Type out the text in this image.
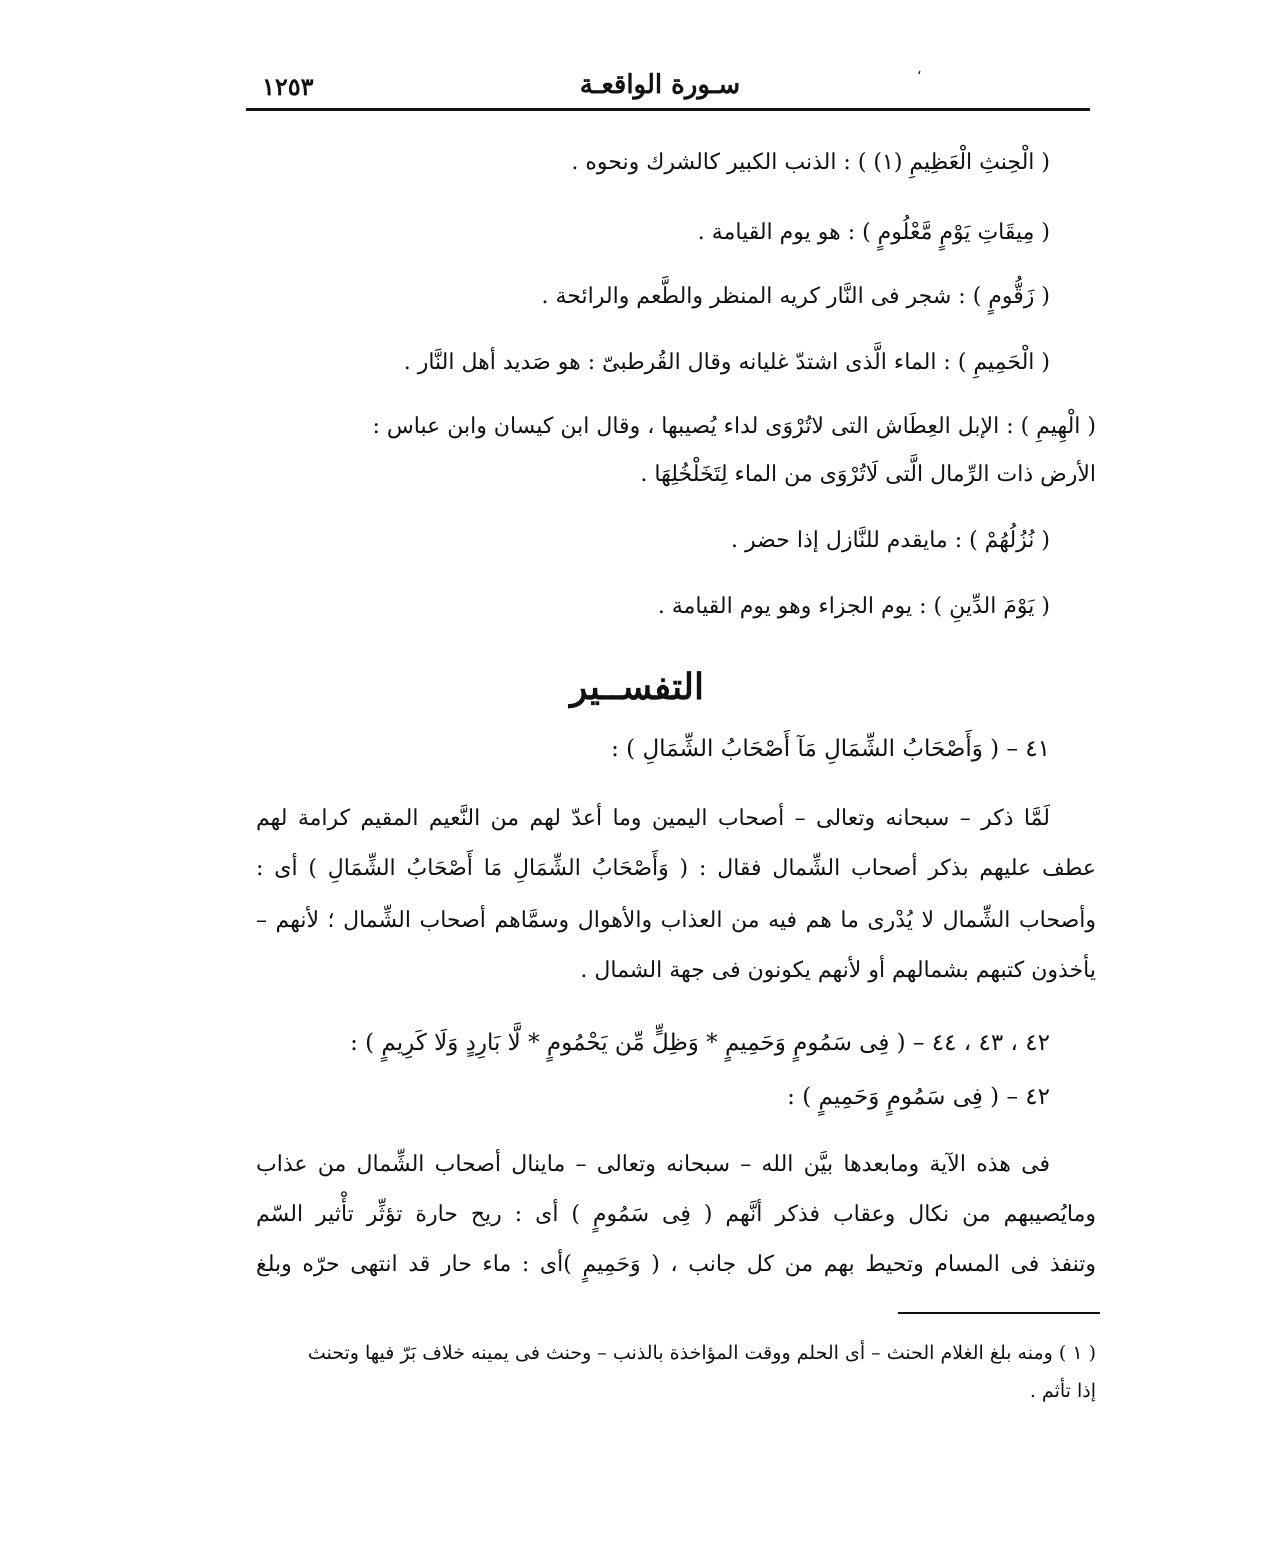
سـورة الواقعـة
١٢٥٣
،
( الْحِنثِ الْعَظِيمِ (١) ) : الذنب الكبير كالشرك ونحوه .
( مِيقَاتِ يَوْمٍ مَّعْلُومٍ ) : هو يوم القيامة .
( زَقُّومٍ ) : شجر فى النَّار كريه المنظر والطَّعم والرائحة .
( الْحَمِيمِ ) : الماء الَّذى اشتدّ غليانه وقال القُرطبىّ : هو صَديد أهل النَّار .
( الْهِيمِ ) : الإبل العِطَاش التى لاتُرْوَى لداء يُصيبها ، وقال ابن كيسان وابن عباس :
الأرض ذات الرِّمال الَّتى لَاتُرْوَى من الماء لِتَخَلْخُلِهَا .
( نُزُلُهُمْ ) : مايقدم للنَّازل إذا حضر .
( يَوْمَ الدِّينِ ) : يوم الجزاء وهو يوم القيامة .
التفســير
٤١ – ( وَأَصْحَابُ الشِّمَالِ مَآ أَصْحَابُ الشِّمَالِ ) :
لَمَّا ذكر – سبحانه وتعالى – أصحاب اليمين وما أعدّ لهم من النَّعيم المقيم كرامة لهم
عطف عليهم بذكر أصحاب الشِّمال فقال : ( وَأَصْحَابُ الشِّمَالِ مَا أَصْحَابُ الشِّمَالِ ) أى :
وأصحاب الشِّمال لا يُدْرى ما هم فيه من العذاب والأهوال وسمَّاهم أصحاب الشِّمال ؛ لأنهم –
يأخذون كتبهم بشمالهم أو لأنهم يكونون فى جهة الشمال .
٤٢ ، ٤٣ ، ٤٤ – ( فِى سَمُومٍ وَحَمِيمٍ * وَظِلٍّ مِّن يَحْمُومٍ * لَّا بَارِدٍ وَلَا كَرِيمٍ ) :
٤٢ – ( فِى سَمُومٍ وَحَمِيمٍ ) :
فى هذه الآية ومابعدها بيَّن الله – سبحانه وتعالى – ماينال أصحاب الشِّمال من عذاب
ومايُصيبهم من نكال وعقاب فذكر أنَّهم ( فِى سَمُومٍ ) أى : ريح حارة تؤثِّر تأْثير السّم
وتنفذ فى المسام وتحيط بهم من كل جانب ، ( وَحَمِيمٍ )أى : ماء حار قد انتهى حرّه وبلغ
( ١ ) ومنه بلغ الغلام الحنث – أى الحلم ووقت المؤاخذة بالذنب – وحنث فى يمينه خلاف بَرّ فيها وتحنث
إذا تأثم .
